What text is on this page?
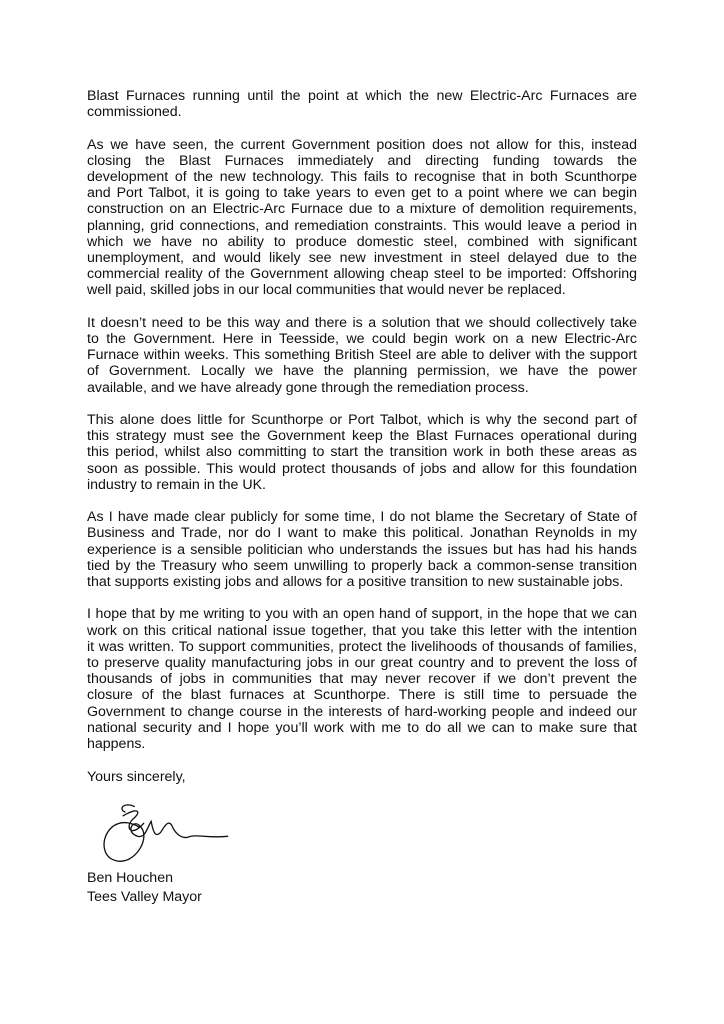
Blast Furnaces running until the point at which the new Electric-Arc Furnaces are
commissioned.
As we have seen, the current Government position does not allow for this, instead
closing the Blast Furnaces immediately and directing funding towards the
development of the new technology. This fails to recognise that in both Scunthorpe
and Port Talbot, it is going to take years to even get to a point where we can begin
construction on an Electric-Arc Furnace due to a mixture of demolition requirements,
planning, grid connections, and remediation constraints. This would leave a period in
which we have no ability to produce domestic steel, combined with significant
unemployment, and would likely see new investment in steel delayed due to the
commercial reality of the Government allowing cheap steel to be imported: Offshoring
well paid, skilled jobs in our local communities that would never be replaced.
It doesn’t need to be this way and there is a solution that we should collectively take
to the Government. Here in Teesside, we could begin work on a new Electric-Arc
Furnace within weeks. This something British Steel are able to deliver with the support
of Government. Locally we have the planning permission, we have the power
available, and we have already gone through the remediation process.
This alone does little for Scunthorpe or Port Talbot, which is why the second part of
this strategy must see the Government keep the Blast Furnaces operational during
this period, whilst also committing to start the transition work in both these areas as
soon as possible. This would protect thousands of jobs and allow for this foundation
industry to remain in the UK.
As I have made clear publicly for some time, I do not blame the Secretary of State of
Business and Trade, nor do I want to make this political. Jonathan Reynolds in my
experience is a sensible politician who understands the issues but has had his hands
tied by the Treasury who seem unwilling to properly back a common-sense transition
that supports existing jobs and allows for a positive transition to new sustainable jobs.
I hope that by me writing to you with an open hand of support, in the hope that we can
work on this critical national issue together, that you take this letter with the intention
it was written. To support communities, protect the livelihoods of thousands of families,
to preserve quality manufacturing jobs in our great country and to prevent the loss of
thousands of jobs in communities that may never recover if we don’t prevent the
closure of the blast furnaces at Scunthorpe. There is still time to persuade the
Government to change course in the interests of hard-working people and indeed our
national security and I hope you’ll work with me to do all we can to make sure that
happens.
Yours sincerely,
Ben Houchen
Tees Valley Mayor
